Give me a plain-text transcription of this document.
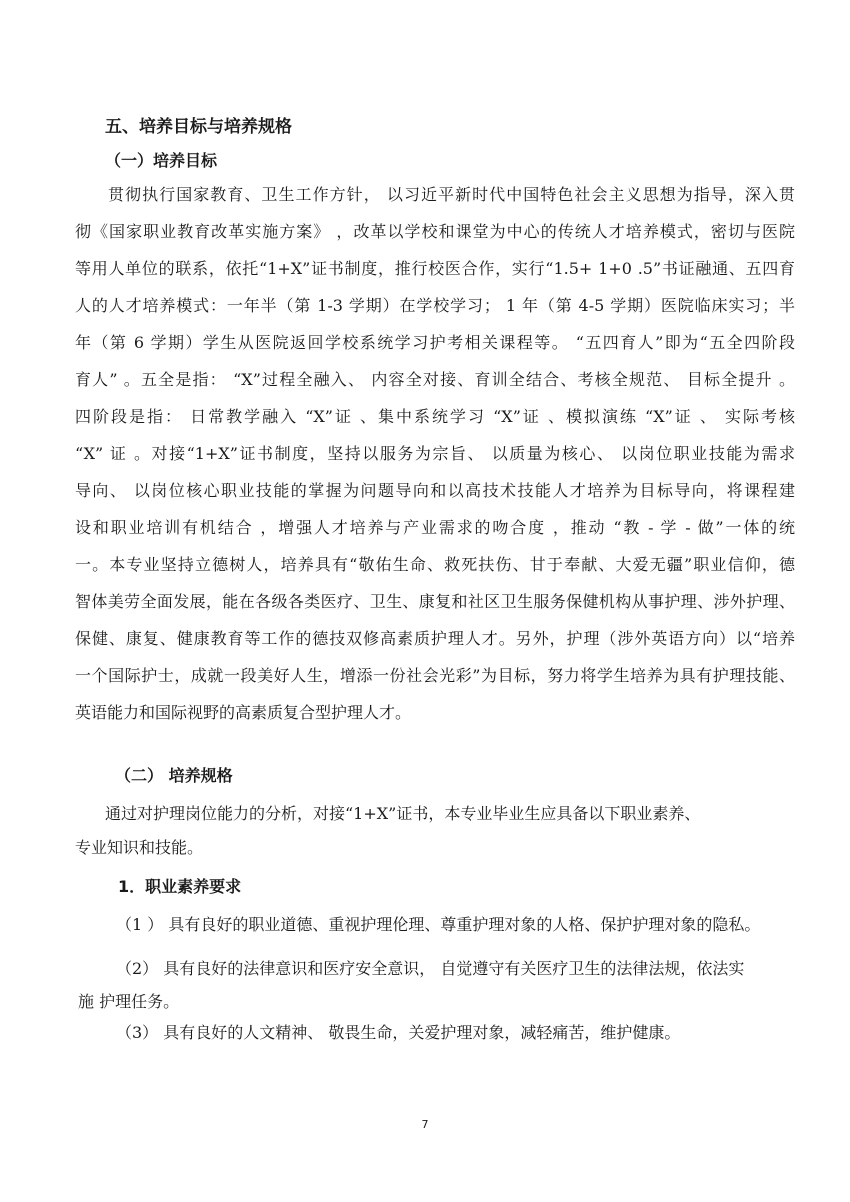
五、培养目标与培养规格
（一）培养目标
贯彻执行国家教育、卫生工作方针， 以习近平新时代中国特色社会主义思想为指导，深入贯
彻《国家职业教育改革实施方案》 ，改革以学校和课堂为中心的传统人才培养模式，密切与医院
等用人单位的联系，依托“1+X”证书制度，推行校医合作，实行“1.5+ 1+0 .5”书证融通、五四育
人的人才培养模式：一年半（第 1-3 学期）在学校学习； 1 年（第 4-5 学期）医院临床实习；半
年（第 6 学期）学生从医院返回学校系统学习护考相关课程等。 “五四育人”即为“五全四阶段
育人” 。五全是指： “X”过程全融入、 内容全对接、育训全结合、考核全规范、 目标全提升 。
四阶段是指： 日常教学融入 “X”证 、集中系统学习 “X”证 、模拟演练 “X”证 、 实际考核
“X” 证 。对接“1+X”证书制度，坚持以服务为宗旨、 以质量为核心、 以岗位职业技能为需求
导向、 以岗位核心职业技能的掌握为问题导向和以高技术技能人才培养为目标导向，将课程建
设和职业培训有机结合 ，增强人才培养与产业需求的吻合度 ，推动 “教 - 学 - 做”一体的统
一。本专业坚持立德树人，培养具有“敬佑生命、救死扶伤、甘于奉献、大爱无疆”职业信仰，德
智体美劳全面发展，能在各级各类医疗、卫生、康复和社区卫生服务保健机构从事护理、涉外护理、
保健、康复、健康教育等工作的德技双修高素质护理人才。另外，护理（涉外英语方向）以“培养
一个国际护士，成就一段美好人生，增添一份社会光彩”为目标，努力将学生培养为具有护理技能、
英语能力和国际视野的高素质复合型护理人才。
（二） 培养规格
通过对护理岗位能力的分析，对接“1+X”证书，本专业毕业生应具备以下职业素养、
专业知识和技能。
1．职业素养要求
（1 ） 具有良好的职业道德、重视护理伦理、尊重护理对象的人格、保护护理对象的隐私。
（2） 具有良好的法律意识和医疗安全意识， 自觉遵守有关医疗卫生的法律法规，依法实
施 护理任务。
（3） 具有良好的人文精神、 敬畏生命，关爱护理对象，减轻痛苦，维护健康。
7
